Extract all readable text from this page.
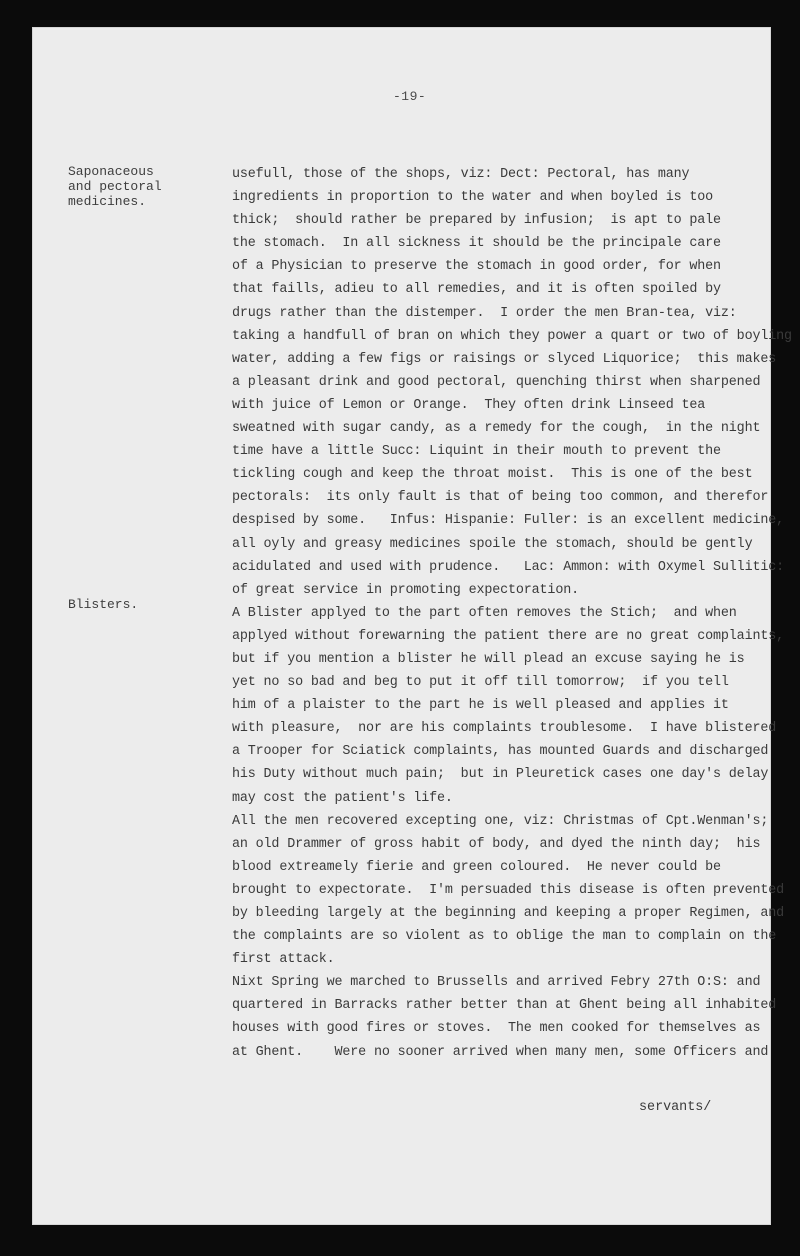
-19-
Saponaceous
and pectoral
medicines.
Blisters.
usefull, those of the shops, viz: Dect: Pectoral, has many
ingredients in proportion to the water and when boyled is too
thick;  should rather be prepared by infusion;  is apt to pale
the stomach.  In all sickness it should be the principale care
of a Physician to preserve the stomach in good order, for when
that faills, adieu to all remedies, and it is often spoiled by
drugs rather than the distemper.  I order the men Bran-tea, viz:
taking a handfull of bran on which they power a quart or two of boyling
water, adding a few figs or raisings or slyced Liquorice;  this makes
a pleasant drink and good pectoral, quenching thirst when sharpened
with juice of Lemon or Orange.  They often drink Linseed tea
sweatned with sugar candy, as a remedy for the cough,  in the night
time have a little Succ: Liquint in their mouth to prevent the
tickling cough and keep the throat moist.  This is one of the best
pectorals:  its only fault is that of being too common, and therefor
despised by some.   Infus: Hispanie: Fuller: is an excellent medicine,
all oyly and greasy medicines spoile the stomach, should be gently
acidulated and used with prudence.   Lac: Ammon: with Oxymel Sullitic:
of great service in promoting expectoration.
A Blister applyed to the part often removes the Stich;  and when
applyed without forewarning the patient there are no great complaints,
but if you mention a blister he will plead an excuse saying he is
yet no so bad and beg to put it off till tomorrow;  if you tell
him of a plaister to the part he is well pleased and applies it
with pleasure,  nor are his complaints troublesome.  I have blistered
a Trooper for Sciatick complaints, has mounted Guards and discharged
his Duty without much pain;  but in Pleuretick cases one day's delay
may cost the patient's life.
All the men recovered excepting one, viz: Christmas of Cpt.Wenman's;
an old Drammer of gross habit of body, and dyed the ninth day;  his
blood extreamely fierie and green coloured.  He never could be
brought to expectorate.  I'm persuaded this disease is often prevented
by bleeding largely at the beginning and keeping a proper Regimen, and
the complaints are so violent as to oblige the man to complain on the
first attack.
Nixt Spring we marched to Brussells and arrived Febry 27th O:S: and
quartered in Barracks rather better than at Ghent being all inhabited
houses with good fires or stoves.  The men cooked for themselves as
at Ghent.    Were no sooner arrived when many men, some Officers and
servants/
